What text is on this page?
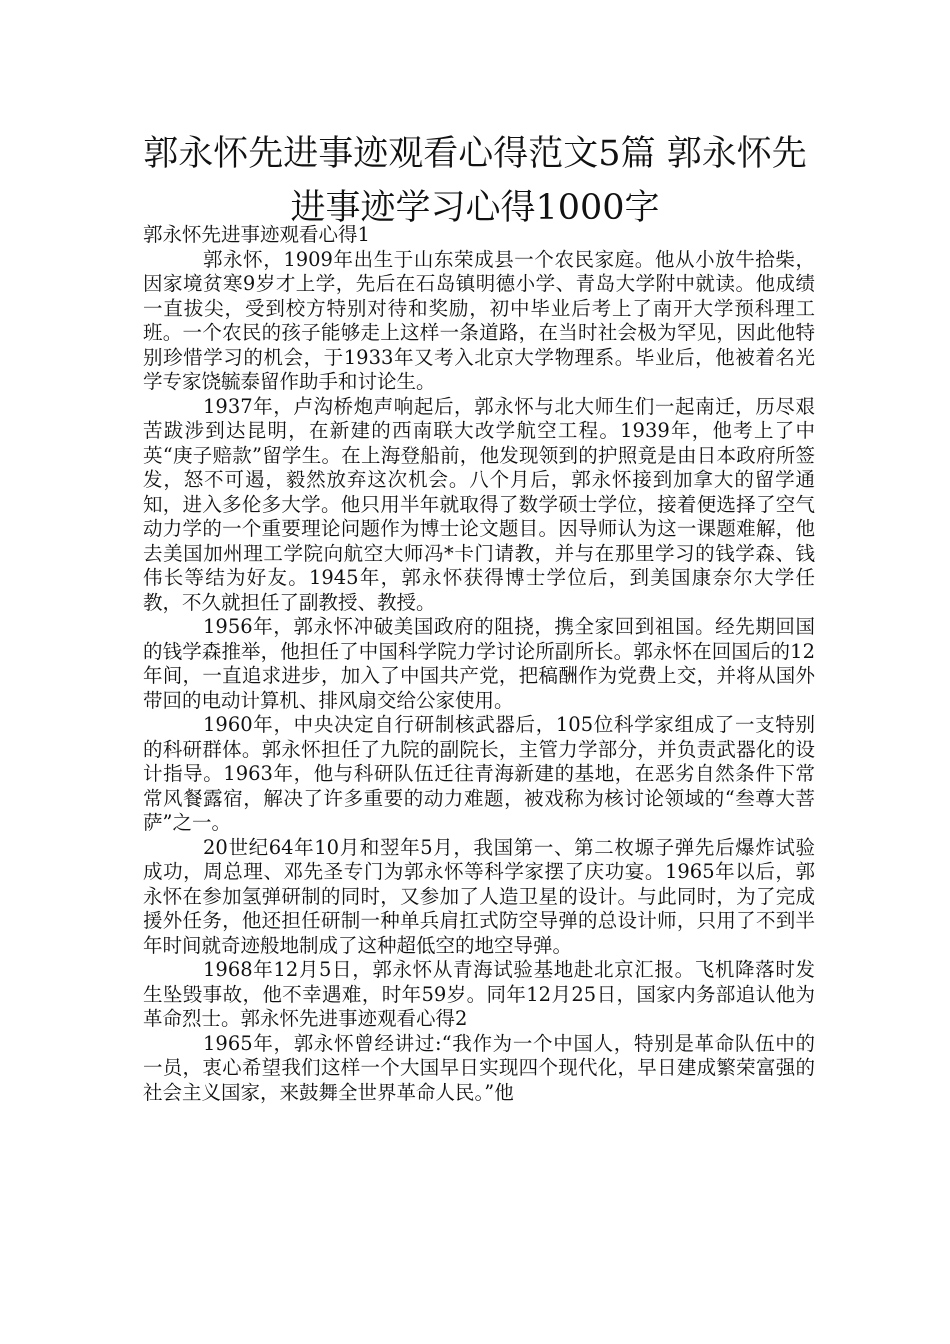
郭永怀先进事迹观看心得范文5篇 郭永怀先进事迹学习心得1000字

郭永怀先进事迹观看心得1

郭永怀，1909年出生于山东荣成县一个农民家庭。他从小放牛拾柴，因家境贫寒9岁才上学，先后在石岛镇明德小学、青岛大学附中就读。他成绩一直拔尖，受到校方特别对待和奖励，初中毕业后考上了南开大学预科理工班。一个农民的孩子能够走上这样一条道路，在当时社会极为罕见，因此他特别珍惜学习的机会，于1933年又考入北京大学物理系。毕业后，他被着名光学专家饶毓泰留作助手和讨论生。

1937年，卢沟桥炮声响起后，郭永怀与北大师生们一起南迁，历尽艰苦跋涉到达昆明，在新建的西南联大改学航空工程。1939年，他考上了中英“庚子赔款”留学生。在上海登船前，他发现领到的护照竟是由日本政府所签发，怒不可遏，毅然放弃这次机会。八个月后，郭永怀接到加拿大的留学通知，进入多伦多大学。他只用半年就取得了数学硕士学位，接着便选择了空气动力学的一个重要理论问题作为博士论文题目。因导师认为这一课题难解，他去美国加州理工学院向航空大师冯*卡门请教，并与在那里学习的钱学森、钱伟长等结为好友。1945年，郭永怀获得博士学位后，到美国康奈尔大学任教，不久就担任了副教授、教授。

1956年，郭永怀冲破美国政府的阻挠，携全家回到祖国。经先期回国的钱学森推举，他担任了中国科学院力学讨论所副所长。郭永怀在回国后的12年间，一直追求进步，加入了中国共产党，把稿酬作为党费上交，并将从国外带回的电动计算机、排风扇交给公家使用。

1960年，中央决定自行研制核武器后，105位科学家组成了一支特别的科研群体。郭永怀担任了九院的副院长，主管力学部分，并负责武器化的设计指导。1963年，他与科研队伍迁往青海新建的基地，在恶劣自然条件下常常风餐露宿，解决了许多重要的动力难题，被戏称为核讨论领域的“叁尊大菩萨”之一。

20世纪64年10月和翌年5月，我国第一、第二枚塬子弹先后爆炸试验成功，周总理、邓先圣专门为郭永怀等科学家摆了庆功宴。1965年以后，郭永怀在参加氢弹研制的同时，又参加了人造卫星的设计。与此同时，为了完成援外任务，他还担任研制一种单兵肩扛式防空导弹的总设计师，只用了不到半年时间就奇迹般地制成了这种超低空的地空导弹。

1968年12月5日，郭永怀从青海试验基地赴北京汇报。飞机降落时发生坠毁事故，他不幸遇难，时年59岁。同年12月25日，国家内务部追认他为革命烈士。郭永怀先进事迹观看心得2

1965年，郭永怀曾经讲过:“我作为一个中国人，特别是革命队伍中的一员，衷心希望我们这样一个大国早日实现四个现代化，早日建成繁荣富强的社会主义国家，来鼓舞全世界革命人民。”他
